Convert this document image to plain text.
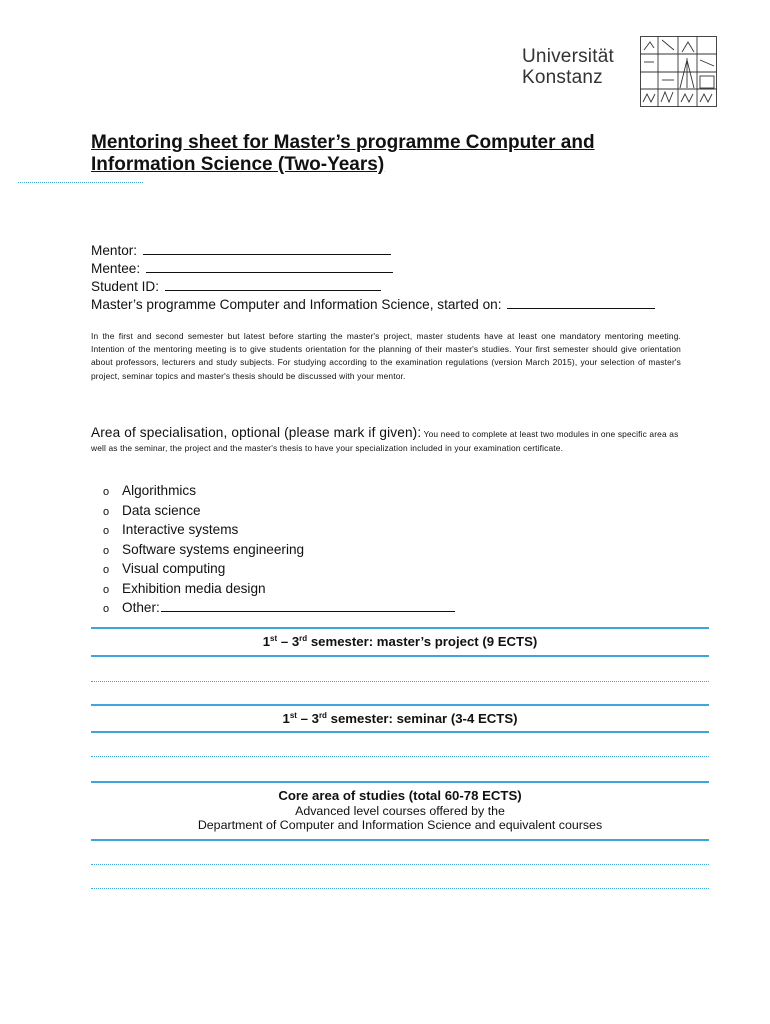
Universität
Konstanz
Mentoring sheet for Master’s programme Computer and Information Science (Two-Years)
Mentor:
Mentee:
Student ID:
Master’s programme Computer and Information Science, started on:
In the first and second semester but latest before starting the master's project, master students have at least one mandatory mentoring meeting. Intention of the mentoring meeting is to give students orientation for the planning of their master's studies. Your first semester should give orientation about professors, lecturers and study subjects. For studying according to the examination regulations (version March 2015), your selection of master's project, seminar topics and master's thesis should be discussed with your mentor.
Area of specialisation, optional (please mark if given): You need to complete at least two modules in one specific area as well as the seminar, the project and the master's thesis to have your specialization included in your examination certificate.
o Algorithmics
o Data science
o Interactive systems
o Software systems engineering
o Visual computing
o Exhibition media design
o Other:
1st – 3rd semester: master’s project (9 ECTS)
1st – 3rd semester: seminar (3-4 ECTS)
Core area of studies (total 60-78 ECTS)
Advanced level courses offered by the
Department of Computer and Information Science and equivalent courses
